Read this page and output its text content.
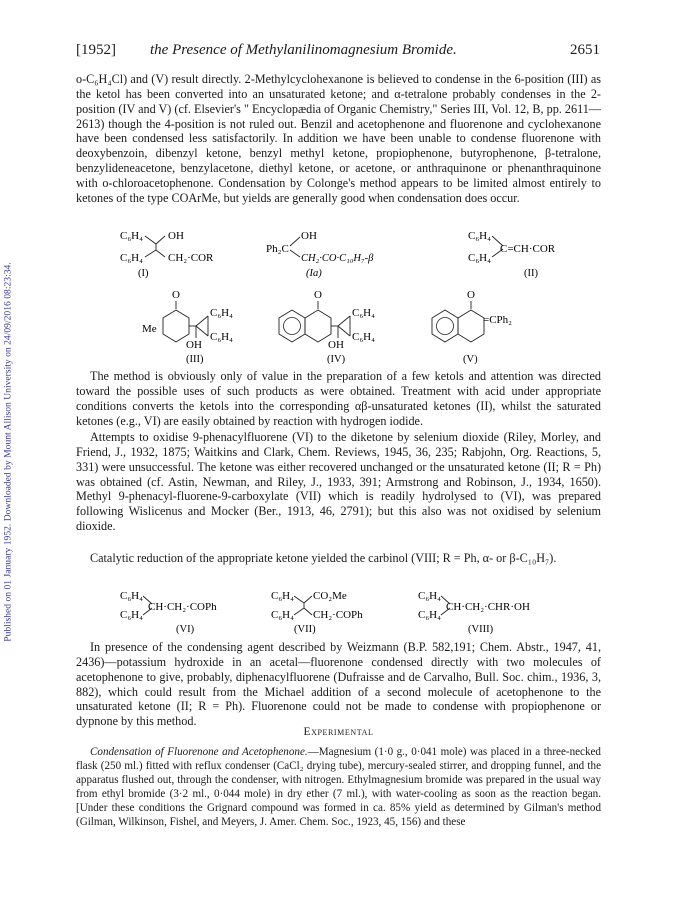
Published on 01 January 1952. Downloaded by Mount Allison University on 24/09/2016 08:23:34.
[1952] the Presence of Methylanilinomagnesium Bromide.	2651

o-C₆H₄Cl) and (V) result directly. 2-Methylcyclohexanone is believed to condense in the 6-position (III) as the ketol has been converted into an unsaturated ketone; and α-tetralone probably condenses in the 2-position (IV and V) (cf. Elsevier's " Encyclopædia of Organic Chemistry," Series III, Vol. 12, B, pp. 2611—2613) though the 4-position is not ruled out. Benzil and acetophenone and fluorenone and cyclohexanone have been condensed less satisfactorily. In addition we have been unable to condense fluorenone with deoxybenzoin, dibenzyl ketone, benzyl methyl ketone, propiophenone, butyrophenone, β-tetralone, benzylideneacetone, benzylacetone, diethyl ketone, or acetone, or anthraquinone or phenanthraquinone with o-chloroacetophenone. Condensation by Colonge's method appears to be limited almost entirely to ketones of the type COArMe, but yields are generally good when condensation does occur.

C₆H₄
C₆H₄
OH
CH₂·COR
(I)
Ph₂C
OH
CH₂·CO·C₁₀H₇-β
(Ia)
C₆H₄
C₆H₄
C=CH·COR
(II)
O
Me
C₆H₄
C₆H₄
OH
(III)
O
C₆H₄
C₆H₄
OH
(IV)
O
=CPh₂
(V)

The method is obviously only of value in the preparation of a few ketols and attention was directed toward the possible uses of such products as were obtained. Treatment with acid under appropriate conditions converts the ketols into the corresponding αβ-unsaturated ketones (II), whilst the saturated ketones (e.g., VI) are easily obtained by reaction with hydrogen iodide.

Attempts to oxidise 9-phenacylfluorene (VI) to the diketone by selenium dioxide (Riley, Morley, and Friend, J., 1932, 1875; Waitkins and Clark, Chem. Reviews, 1945, 36, 235; Rabjohn, Org. Reactions, 5, 331) were unsuccessful. The ketone was either recovered unchanged or the unsaturated ketone (II; R = Ph) was obtained (cf. Astin, Newman, and Riley, J., 1933, 391; Armstrong and Robinson, J., 1934, 1650). Methyl 9-phenacyl-fluorene-9-carboxylate (VII) which is readily hydrolysed to (VI), was prepared following Wislicenus and Mocker (Ber., 1913, 46, 2791); but this also was not oxidised by selenium dioxide.

Catalytic reduction of the appropriate ketone yielded the carbinol (VIII; R = Ph, α- or β-C₁₀H₇).

C₆H₄
C₆H₄
CH·CH₂·COPh
(VI)
C₆H₄
C₆H₄
CO₂Me
CH₂·COPh
(VII)
C₆H₄
C₆H₄
CH·CH₂·CHR·OH
(VIII)

In presence of the condensing agent described by Weizmann (B.P. 582,191; Chem. Abstr., 1947, 41, 2436)—potassium hydroxide in an acetal—fluorenone condensed directly with two molecules of acetophenone to give, probably, diphenacylfluorene (Dufraisse and de Carvalho, Bull. Soc. chim., 1936, 3, 882), which could result from the Michael addition of a second molecule of acetophenone to the unsaturated ketone (II; R = Ph). Fluorenone could not be made to condense with propiophenone or dypnone by this method.

Experimental

Condensation of Fluorenone and Acetophenone.—Magnesium (1·0 g., 0·041 mole) was placed in a three-necked flask (250 ml.) fitted with reflux condenser (CaCl₂ drying tube), mercury-sealed stirrer, and dropping funnel, and the apparatus flushed out, through the condenser, with nitrogen. Ethylmagnesium bromide was prepared in the usual way from ethyl bromide (3·2 ml., 0·044 mole) in dry ether (7 ml.), with water-cooling as soon as the reaction began. [Under these conditions the Grignard compound was formed in ca. 85% yield as determined by Gilman's method (Gilman, Wilkinson, Fishel, and Meyers, J. Amer. Chem. Soc., 1923, 45, 156) and these
